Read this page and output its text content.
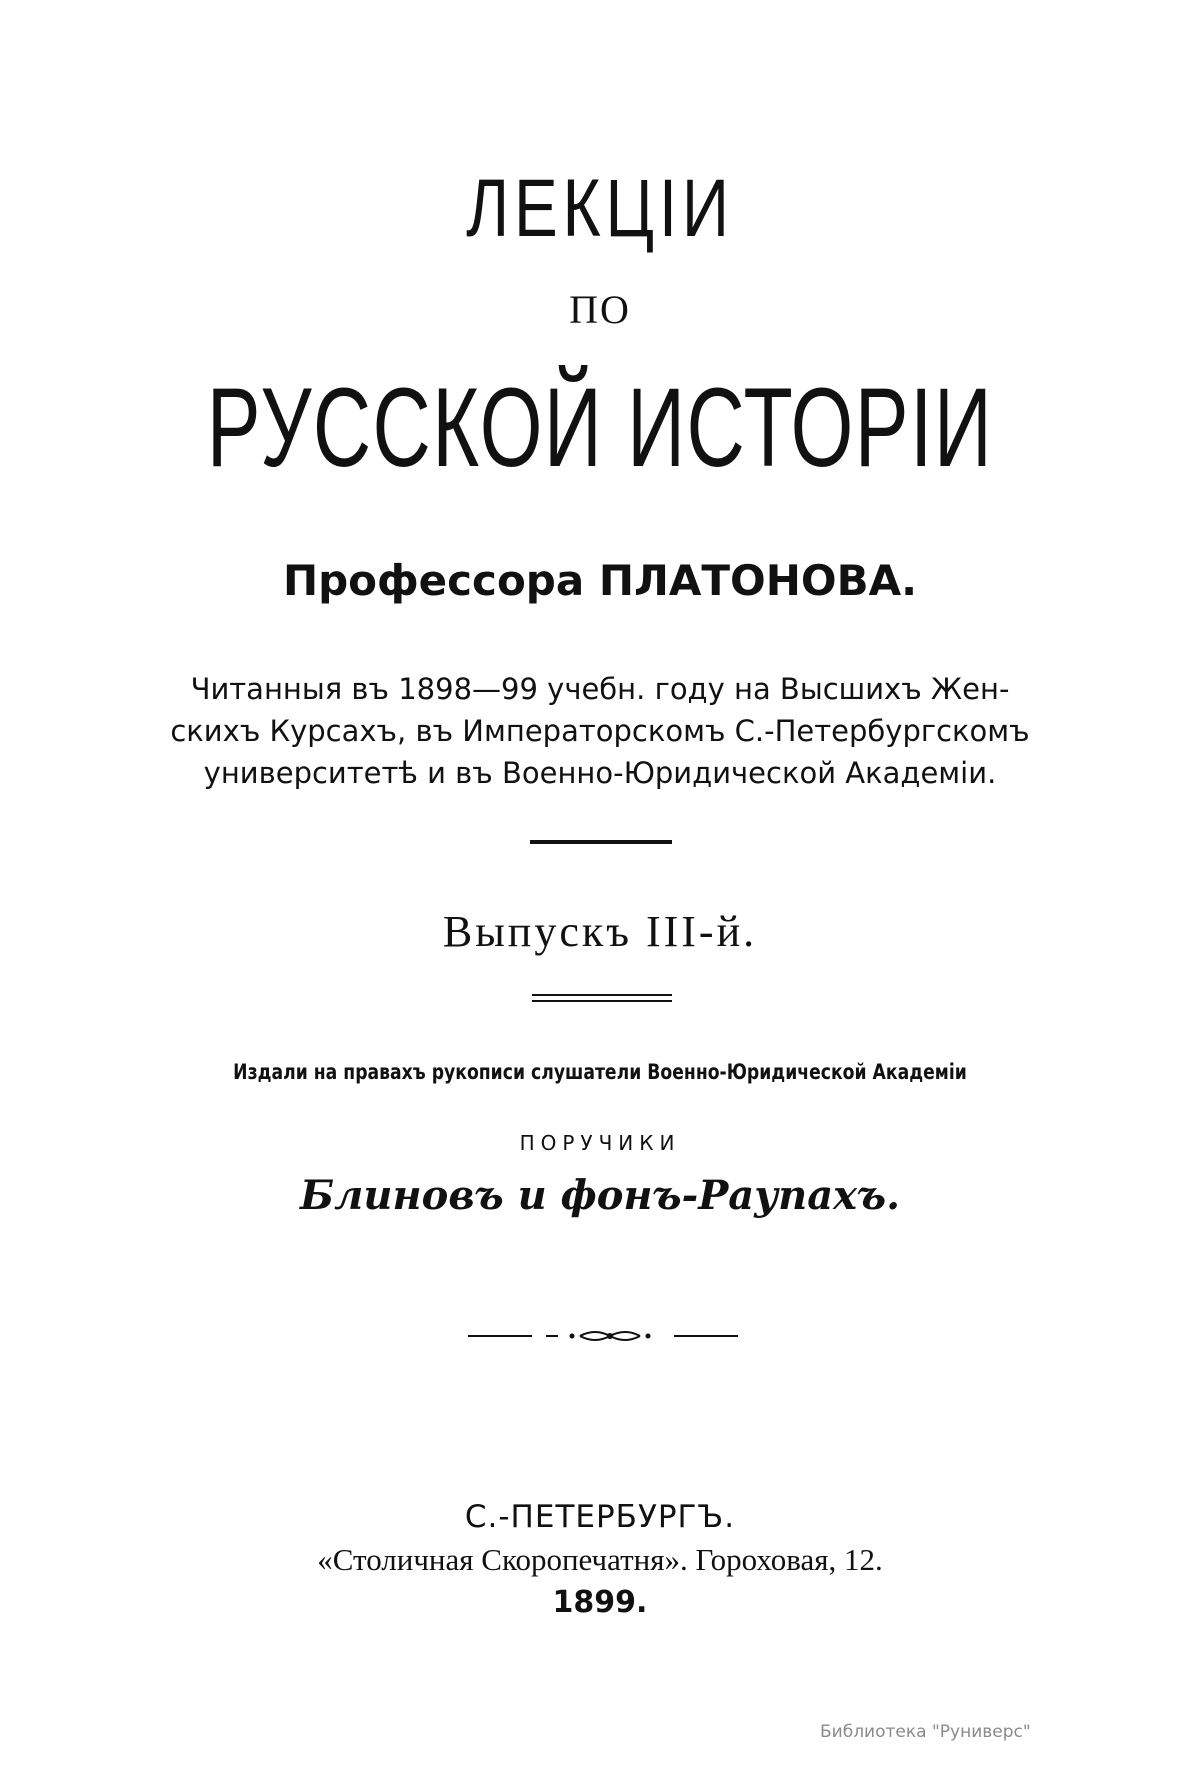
ЛЕКЦІИ
ПО
РУССКОЙ ИСТОРІИ
Профессора ПЛАТОНОВА.
Читанныя въ 1898—99 учебн. году на Высшихъ Жен-
скихъ Курсахъ, въ Императорскомъ С.-Петербургскомъ
университетѣ и въ Военно-Юридической Академіи.
Выпускъ III-й.
Издали на правахъ рукописи слушатели Военно-Юридической Академіи
ПОРУЧИКИ
Блиновъ и фонъ-Раупахъ.
С.-ПЕТЕРБУРГЪ.
«Столичная Скоропечатня». Гороховая, 12.
1899.
Библиотека "Руниверс"
